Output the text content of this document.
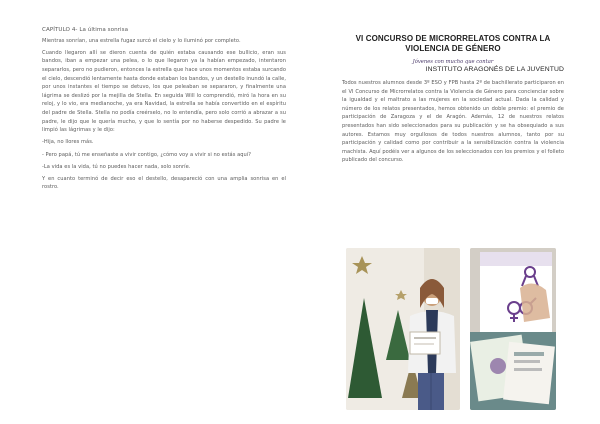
CAPÍTULO 4- La última sonrisa

Mientras sonrían, una estrella fugaz surcó el cielo y lo iluminó por completo.

Cuando llegaron allí se dieron cuenta de quién estaba causando ese bullicio, eran sus bandos, iban a empezar una pelea, o lo que llegaron ya la habían empezado, intentaron separarlos, pero no pudieron, entonces la estrella que hace unos momentos estaba surcando el cielo, descendió lentamente hasta donde estaban los bandos, y un destello inundó la calle, por unos instantes el tiempo se detuvo, los que peleaban se separaron, y finalmente una lágrima se deslizó por la mejilla de Stella. En seguida Will lo comprendió, miró la hora en su reloj, y lo vio, era medianoche, ya era Navidad, la estrella se había convertido en el espíritu del padre de Stella. Stella no podía creérselo, no lo entendía, pero solo corrió a abrazar a su padre, le dijo que le quería mucho, y que lo sentía por no haberse despedido. Su padre le limpió las lágrimas y le dijo:

-Hija, no llores más.

- Pero papá, tú me enseñaste a vivir contigo, ¿cómo voy a vivir si no estás aquí?

-La vida es la vida, tú no puedes hacer nada, solo sonríe.

Y en cuanto terminó de decir eso el destello, desapareció con una amplia sonrisa en el rostro.

VI CONCURSO DE MICRORRELATOS CONTRA LA VIOLENCIA DE GÉNERO
Jóvenes con mucho que contar
INSTITUTO ARAGONÉS DE LA JUVENTUD

Todos nuestros alumnos desde 3º ESO y FPB hasta 2º de bachillerato participaron en el VI Concurso de Microrrelatos contra la Violencia de Género para concienciar sobre la igualdad y el maltrato a las mujeres en la sociedad actual. Dada la calidad y número de los relatos presentados, hemos obtenido un doble premio: el premio de participación de Zaragoza y el de Aragón. Además, 12 de nuestros relatos presentados han sido seleccionados para su publicación y se ha obsequiado a sus autores. Estamos muy orgullosos de todos nuestros alumnos, tanto por su participación y calidad como por contribuir a la sensibilización contra la violencia machista. Aquí podéis ver a algunos de los seleccionados con los premios y el folleto publicado del concurso.
